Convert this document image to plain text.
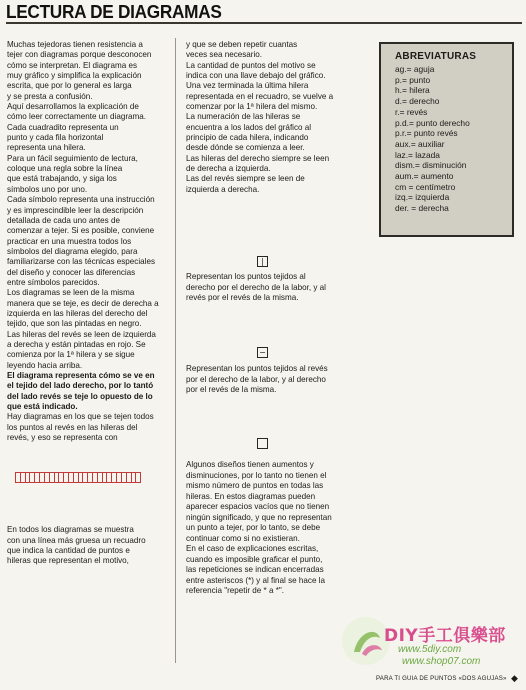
LECTURA DE DIAGRAMAS
Muchas tejedoras tienen resistencia a
tejer con diagramas porque desconocen
cómo se interpretan. El diagrama es
muy gráfico y simplifica la explicación
escrita, que por lo general es larga
y se presta a confusión.
Aquí desarrollamos la explicación de
cómo leer correctamente un diagrama.
Cada cuadradito representa un
punto y cada fila horizontal
representa una hilera.
Para un fácil seguimiento de lectura,
coloque una regla sobre la línea
que está trabajando, y siga los
símbolos uno por uno.
Cada símbolo representa una instrucción
y es imprescindible leer la descripción
detallada de cada uno antes de
comenzar a tejer. Si es posible, conviene
practicar en una muestra todos los
símbolos del diagrama elegido, para
familiarizarse con las técnicas especiales
del diseño y conocer las diferencias
entre símbolos parecidos.
Los diagramas se leen de la misma
manera que se teje, es decir de derecha a
izquierda en las hileras del derecho del
tejido, que son las pintadas en negro.
Las hileras del revés se leen de izquierda
a derecha y están pintadas en rojo. Se
comienza por la 1ª hilera y se sigue
leyendo hacia arriba.
El diagrama representa cómo se ve en
el tejido del lado derecho, por lo tantó
del lado revés se teje lo opuesto de lo
que está indicado.
Hay diagramas en los que se tejen todos
los puntos al revés en las hileras del
revés, y eso se representa con
En todos los diagramas se muestra
con una línea más gruesa un recuadro
que indica la cantidad de puntos e
hileras que representan el motivo,
y que se deben repetir cuantas
veces sea necesario.
La cantidad de puntos del motivo se
indica con una llave debajo del gráfico.
Una vez terminada la última hilera
representada en el recuadro, se vuelve a
comenzar por la 1ª hilera del mismo.
La numeración de las hileras se
encuentra a los lados del gráfico al
principio de cada hilera, indicando
desde dónde se comienza a leer.
Las hileras del derecho siempre se leen
de derecha a izquierda.
Las del revés siempre se leen de
izquierda a derecha.
|
Representan los puntos tejidos al
derecho por el derecho de la labor, y al
revés por el revés de la misma.
−
Representan los puntos tejidos al revés
por el derecho de la labor, y al derecho
por el revés de la misma.
Algunos diseños tienen aumentos y
disminuciones, por lo tanto no tienen el
mismo número de puntos en todas las
hileras. En estos diagramas pueden
aparecer espacios vacíos que no tienen
ningún significado, y que no representan
un punto a tejer, por lo tanto, se debe
continuar como si no existieran.
En el caso de explicaciones escritas,
cuando es imposible graficar el punto,
las repeticiones se indican encerradas
entre asteriscos (*) y al final se hace la
referencia "repetir de * a *".
ABREVIATURAS
ag.= aguja
p.= punto
h.= hilera
d.= derecho
r.= revés
p.d.= punto derecho
p.r.= punto revés
aux.= auxiliar
laz.= lazada
dism.= disminución
aum.= aumento
cm = centímetro
izq.= izquierda
der. = derecha
DIY手工俱樂部
www.5diy.com
www.shop07.com
PARA TI GUIA DE PUNTOS «DOS AGUJAS» ◆
